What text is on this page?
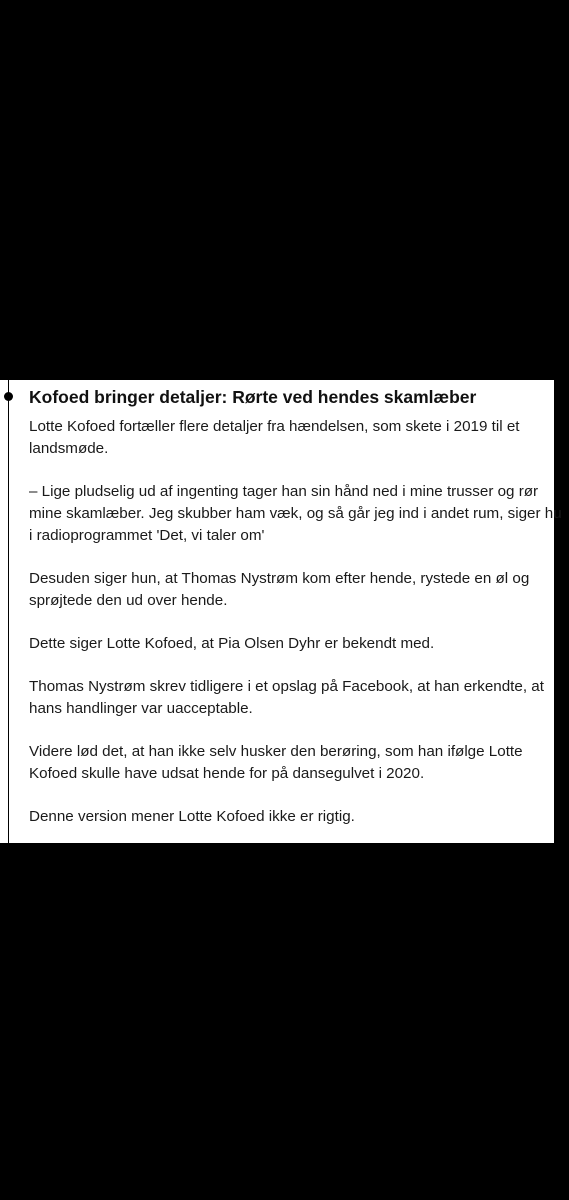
Kofoed bringer detaljer: Rørte ved hendes skamlæber

Lotte Kofoed fortæller flere detaljer fra hændelsen, som skete i 2019 til et
landsmøde.

– Lige pludselig ud af ingenting tager han sin hånd ned i mine trusser og rør
mine skamlæber. Jeg skubber ham væk, og så går jeg ind i andet rum, siger hu
i radioprogrammet 'Det, vi taler om'

Desuden siger hun, at Thomas Nystrøm kom efter hende, rystede en øl og
sprøjtede den ud over hende.

Dette siger Lotte Kofoed, at Pia Olsen Dyhr er bekendt med.

Thomas Nystrøm skrev tidligere i et opslag på Facebook, at han erkendte, at
hans handlinger var uacceptable.

Videre lød det, at han ikke selv husker den berøring, som han ifølge Lotte
Kofoed skulle have udsat hende for på dansegulvet i 2020.

Denne version mener Lotte Kofoed ikke er rigtig.
